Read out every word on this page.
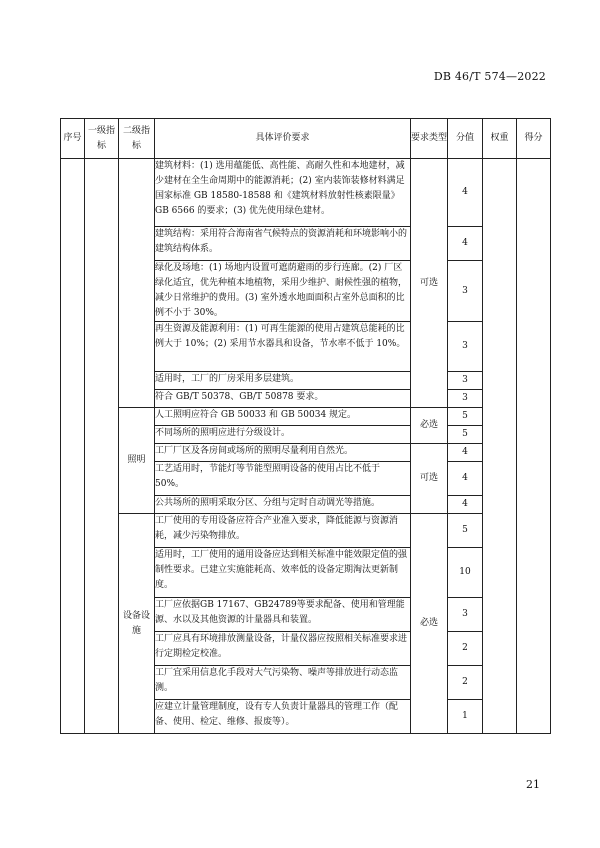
DB 46/T 574—2022
序号	一级指标	二级指标	具体评价要求	要求类型	分值	权重	得分
			建筑材料：(1) 选用蕴能低、高性能、高耐久性和本地建材，减少建材在全生命周期中的能源消耗；(2) 室内装饰装修材料满足国家标准 GB 18580-18588 和《建筑材料放射性核素限量》GB 6566 的要求；(3) 优先使用绿色建材。	可选	4		
			建筑结构：采用符合海南省气候特点的资源消耗和环境影响小的建筑结构体系。		4		
			绿化及场地：(1) 场地内设置可遮荫避雨的步行连廊。(2) 厂区绿化适宜，优先种植本地植物，采用少维护、耐候性强的植物，减少日常维护的费用。(3) 室外透水地面面积占室外总面积的比例不小于 30%。		3		
			再生资源及能源利用：(1) 可再生能源的使用占建筑总能耗的比例大于 10%；(2) 采用节水器具和设备，节水率不低于 10%。		3		
			适用时，工厂的厂房采用多层建筑。		3		
			符合 GB/T 50378、GB/T 50878 要求。		3		
		照明	人工照明应符合 GB 50033 和 GB 50034 规定。	必选	5		
			不同场所的照明应进行分级设计。		5		
			工厂厂区及各房间或场所的照明尽量利用自然光。	可选	4		
			工艺适用时，节能灯等节能型照明设备的使用占比不低于 50%。		4		
			公共场所的照明采取分区、分组与定时自动调光等措施。		4		
		设备设施	工厂使用的专用设备应符合产业准入要求，降低能源与资源消耗，减少污染物排放。	必选	5		
			适用时，工厂使用的通用设备应达到相关标准中能效限定值的强制性要求。已建立实施能耗高、效率低的设备定期淘汰更新制度。		10		
			工厂应依据GB 17167、GB24789等要求配备、使用和管理能源、水以及其他资源的计量器具和装置。		3		
			工厂应具有环境排放测量设备，计量仪器应按照相关标准要求进行定期检定校准。		2		
			工厂宜采用信息化手段对大气污染物、噪声等排放进行动态监测。		2		
			应建立计量管理制度，设有专人负责计量器具的管理工作（配备、使用、检定、维修、报废等）。		1		
21
